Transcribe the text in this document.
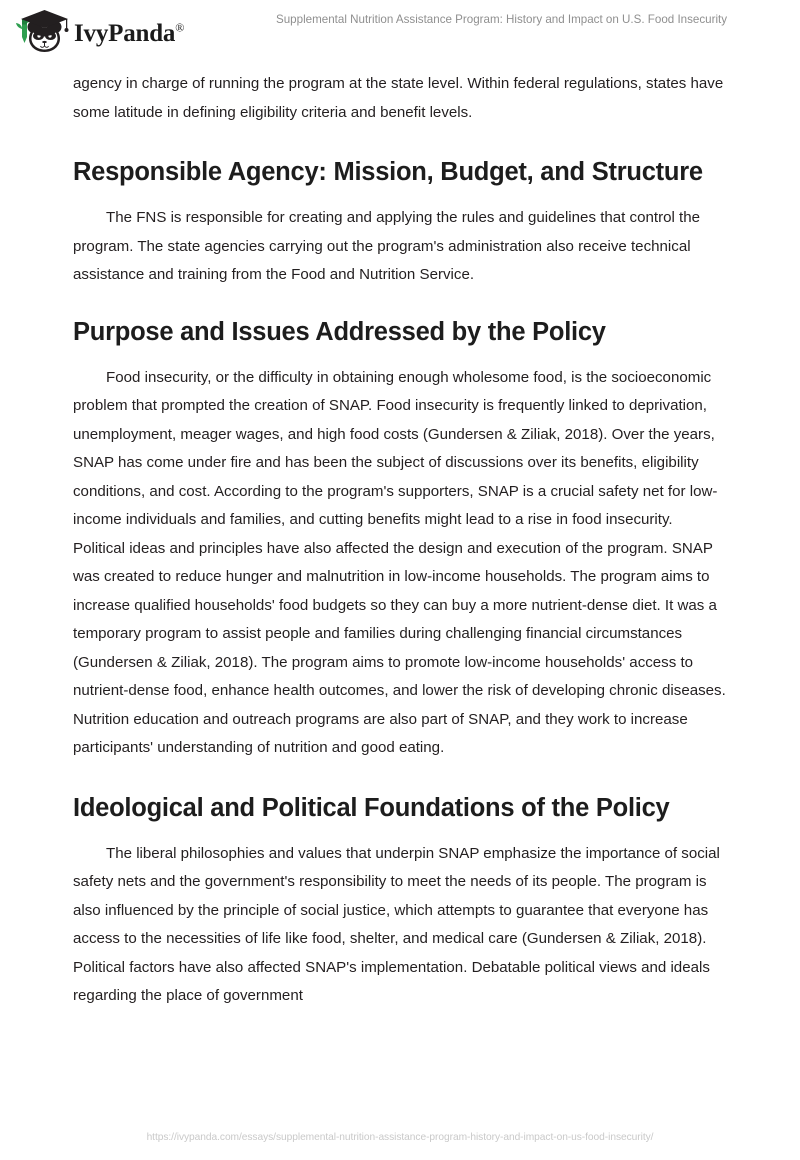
IvyPanda®
Supplemental Nutrition Assistance Program: History and Impact on U.S. Food Insecurity

agency in charge of running the program at the state level. Within federal regulations, states have some latitude in defining eligibility criteria and benefit levels.

Responsible Agency: Mission, Budget, and Structure

The FNS is responsible for creating and applying the rules and guidelines that control the program. The state agencies carrying out the program's administration also receive technical assistance and training from the Food and Nutrition Service.

Purpose and Issues Addressed by the Policy

Food insecurity, or the difficulty in obtaining enough wholesome food, is the socioeconomic problem that prompted the creation of SNAP. Food insecurity is frequently linked to deprivation, unemployment, meager wages, and high food costs (Gundersen & Ziliak, 2018). Over the years, SNAP has come under fire and has been the subject of discussions over its benefits, eligibility conditions, and cost. According to the program's supporters, SNAP is a crucial safety net for low-income individuals and families, and cutting benefits might lead to a rise in food insecurity. Political ideas and principles have also affected the design and execution of the program. SNAP was created to reduce hunger and malnutrition in low-income households. The program aims to increase qualified households' food budgets so they can buy a more nutrient-dense diet. It was a temporary program to assist people and families during challenging financial circumstances (Gundersen & Ziliak, 2018). The program aims to promote low-income households' access to nutrient-dense food, enhance health outcomes, and lower the risk of developing chronic diseases. Nutrition education and outreach programs are also part of SNAP, and they work to increase participants' understanding of nutrition and good eating.

Ideological and Political Foundations of the Policy

The liberal philosophies and values that underpin SNAP emphasize the importance of social safety nets and the government's responsibility to meet the needs of its people. The program is also influenced by the principle of social justice, which attempts to guarantee that everyone has access to the necessities of life like food, shelter, and medical care (Gundersen & Ziliak, 2018). Political factors have also affected SNAP's implementation. Debatable political views and ideals regarding the place of government

https://ivypanda.com/essays/supplemental-nutrition-assistance-program-history-and-impact-on-us-food-insecurity/
